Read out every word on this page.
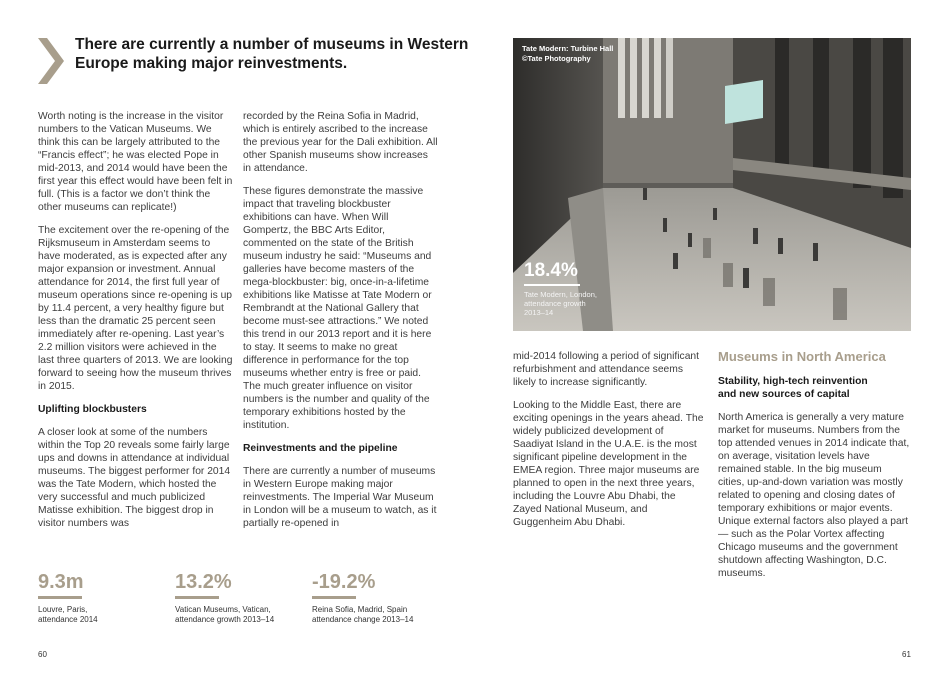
There are currently a number of museums in Western Europe making major reinvestments.

Worth noting is the increase in the visitor numbers to the Vatican Museums. We think this can be largely attributed to the “Francis effect”; he was elected Pope in mid-2013, and 2014 would have been the first year this effect would have been felt in full. (This is a factor we don’t think the other museums can replicate!)

The excitement over the re-opening of the Rijksmuseum in Amsterdam seems to have moderated, as is expected after any major expansion or investment. Annual attendance for 2014, the first full year of museum operations since re-opening is up by 11.4 percent, a very healthy figure but less than the dramatic 25 percent seen immediately after re-opening. Last year’s 2.2 million visitors were achieved in the last three quarters of 2013. We are looking forward to seeing how the museum thrives in 2015.

Uplifting blockbusters

A closer look at some of the numbers within the Top 20 reveals some fairly large ups and downs in attendance at individual museums. The biggest performer for 2014 was the Tate Modern, which hosted the very successful and much publicized Matisse exhibition. The biggest drop in visitor numbers was

recorded by the Reina Sofia in Madrid, which is entirely ascribed to the increase the previous year for the Dali exhibition. All other Spanish museums show increases in attendance.

These figures demonstrate the massive impact that traveling blockbuster exhibitions can have. When Will Gompertz, the BBC Arts Editor, commented on the state of the British museum industry he said: “Museums and galleries have become masters of the mega-blockbuster: big, once-in-a-lifetime exhibitions like Matisse at Tate Modern or Rembrandt at the National Gallery that become must-see attractions.” We noted this trend in our 2013 report and it is here to stay. It seems to make no great difference in performance for the top museums whether entry is free or paid. The much greater influence on visitor numbers is the number and quality of the temporary exhibitions hosted by the institution.

Reinvestments and the pipeline

There are currently a number of museums in Western Europe making major reinvestments. The Imperial War Museum in London will be a museum to watch, as it partially re-opened in

9.3m
Louvre, Paris,
attendance 2014
13.2%
Vatican Museums, Vatican,
attendance growth 2013–14
-19.2%
Reina Sofia, Madrid, Spain
attendance change 2013–14
60
Tate Modern: Turbine Hall
©Tate Photography
18.4%
Tate Modern, London,
attendance growth
2013–14

mid-2014 following a period of significant refurbishment and attendance seems likely to increase significantly.

Looking to the Middle East, there are exciting openings in the years ahead. The widely publicized development of Saadiyat Island in the U.A.E. is the most significant pipeline development in the EMEA region. Three major museums are planned to open in the next three years, including the Louvre Abu Dhabi, the Zayed National Museum, and Guggenheim Abu Dhabi.

Museums in North America
Stability, high-tech reinvention
and new sources of capital

North America is generally a very mature market for museums. Numbers from the top attended venues in 2014 indicate that, on average, visitation levels have remained stable. In the big museum cities, up-and-down variation was mostly related to opening and closing dates of temporary exhibitions or major events. Unique external factors also played a part — such as the Polar Vortex affecting Chicago museums and the government shutdown affecting Washington, D.C. museums.

61
